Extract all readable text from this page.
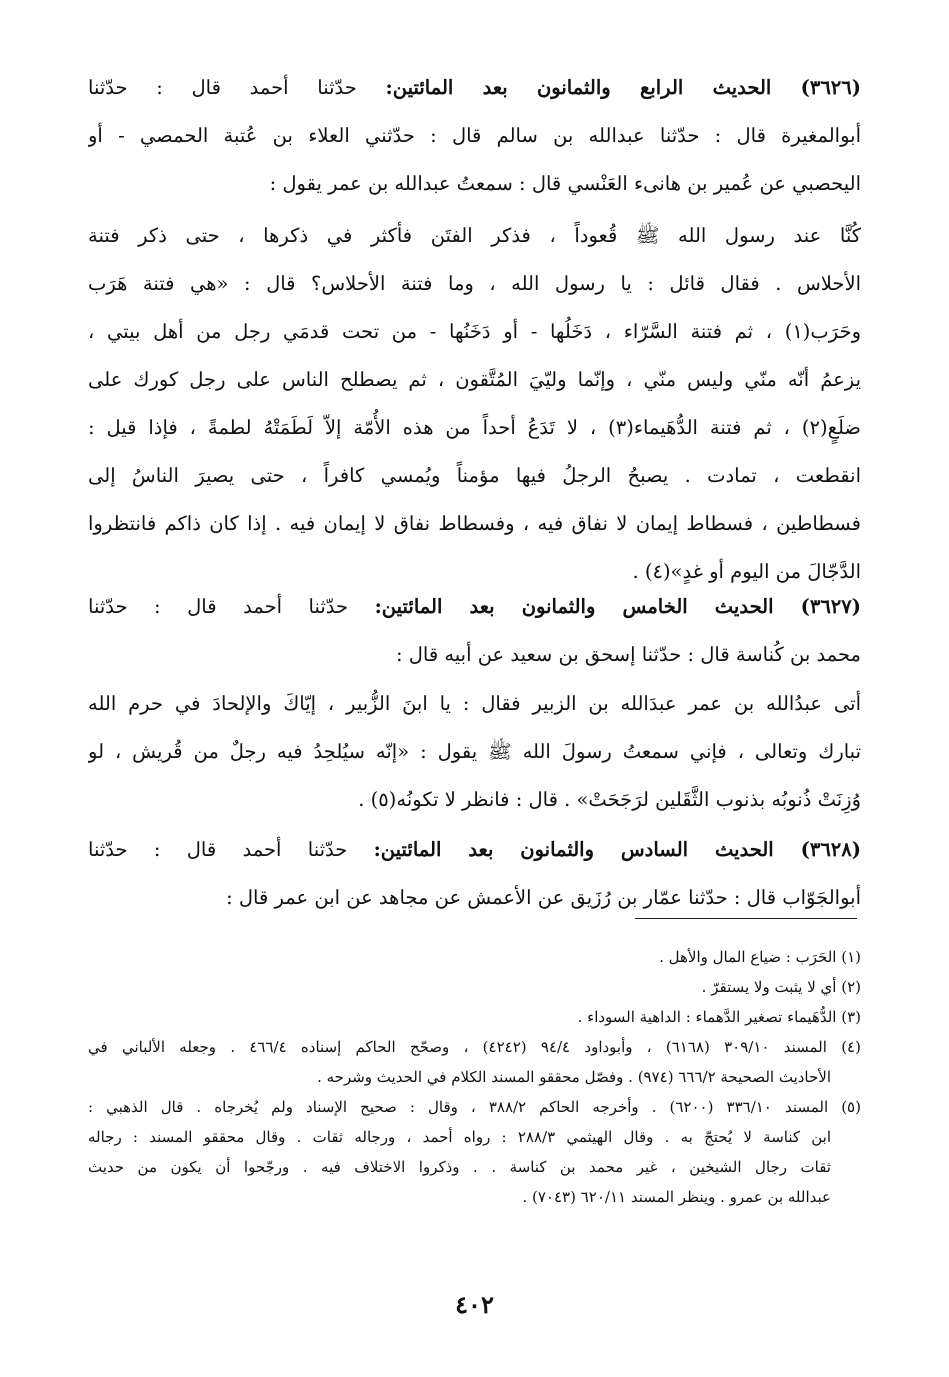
(٣٦٢٦) الحديث الرابع والثمانون بعد المائتين: حدّثنا أحمد قال : حدّثنا
أبوالمغيرة قال : حدّثنا عبدالله بن سالم قال : حدّثني العلاء بن عُتبة الحمصي - أو
اليحصبي عن عُمير بن هانىء العَنْسي قال : سمعتُ عبدالله بن عمر يقول :
كُنَّا عند رسول الله ﷺ قُعوداً ، فذكر الفتَن فأكثر في ذكرها ، حتى ذكر فتنة
الأحلاس . فقال قائل : يا رسول الله ، وما فتنة الأحلاس؟ قال : «هي فتنة هَرَب
وحَرَب(١) ، ثم فتنة السَّرّاء ، دَخَلُها - أو دَخَنُها - من تحت قدمَي رجل من أهل بيتي ،
يزعمُ أنّه منّي وليس منّي ، وإنّما وليّيَ المُتَّقون ، ثم يصطلح الناس على رجل كورك على
ضلَعٍ(٢) ، ثم فتنة الدُّهَيماء(٣) ، لا تَدَعُ أحداً من هذه الأُمّة إلاّ لَطَمَتْهُ لطمةً ، فإذا قيل :
انقطعت ، تمادت . يصبحُ الرجلُ فيها مؤمناً ويُمسي كافراً ، حتى يصيرَ الناسُ إلى
فسطاطين ، فسطاط إيمان لا نفاق فيه ، وفسطاط نفاق لا إيمان فيه . إذا كان ذاكم فانتظروا
الدَّجّالَ من اليوم أو غدٍ»(٤) .
(٣٦٢٧) الحديث الخامس والثمانون بعد المائتين: حدّثنا أحمد قال : حدّثنا
محمد بن كُناسة قال : حدّثنا إسحق بن سعيد عن أبيه قال :
أتى عبدُالله بن عمر عبدَالله بن الزبير فقال : يا ابنَ الزُّبير ، إيّاكَ والإلحادَ في حرم الله
تبارك وتعالى ، فإني سمعتُ رسولَ الله ﷺ يقول : «إنّه سيُلحِدُ فيه رجلٌ من قُريش ، لو
وُزِنَتْ ذُنوبُه بذنوب الثَّقَلين لرَجَحَتْ» . قال : فانظر لا تكونُه(٥) .
(٣٦٢٨) الحديث السادس والثمانون بعد المائتين: حدّثنا أحمد قال : حدّثنا
أبوالجَوّاب قال : حدّثنا عمّار بن رُزَيق عن الأعمش عن مجاهد عن ابن عمر قال :
(١) الحَرَب : ضياع المال والأهل .
(٢) أي لا يثبت ولا يستقرّ .
(٣) الدُّهَيماء تصغير الدَّهماء : الداهية السوداء .
(٤) المسند ٣٠٩/١٠ (٦١٦٨) ، وأبوداود ٩٤/٤ (٤٢٤٢) ، وصحّح الحاكم إسناده ٤٦٦/٤ . وجعله الألباني في
الأحاديث الصحيحة ٦٦٦/٢ (٩٧٤) . وفصّل محققو المسند الكلام في الحديث وشرحه .
(٥) المسند ٣٣٦/١٠ (٦٢٠٠) . وأخرجه الحاكم ٣٨٨/٢ ، وقال : صحيح الإسناد ولم يُخرجاه . قال الذهبي :
ابن كناسة لا يُحتجّ به . وقال الهيثمي ٢٨٨/٣ : رواه أحمد ، ورجاله ثقات . وقال محققو المسند : رجاله
ثقات رجال الشيخين ، غير محمد بن كناسة . . وذكروا الاختلاف فيه . ورجّحوا أن يكون من حديث
عبدالله بن عمرو . وينظر المسند ٦٢٠/١١ (٧٠٤٣) .
٤٠٢
